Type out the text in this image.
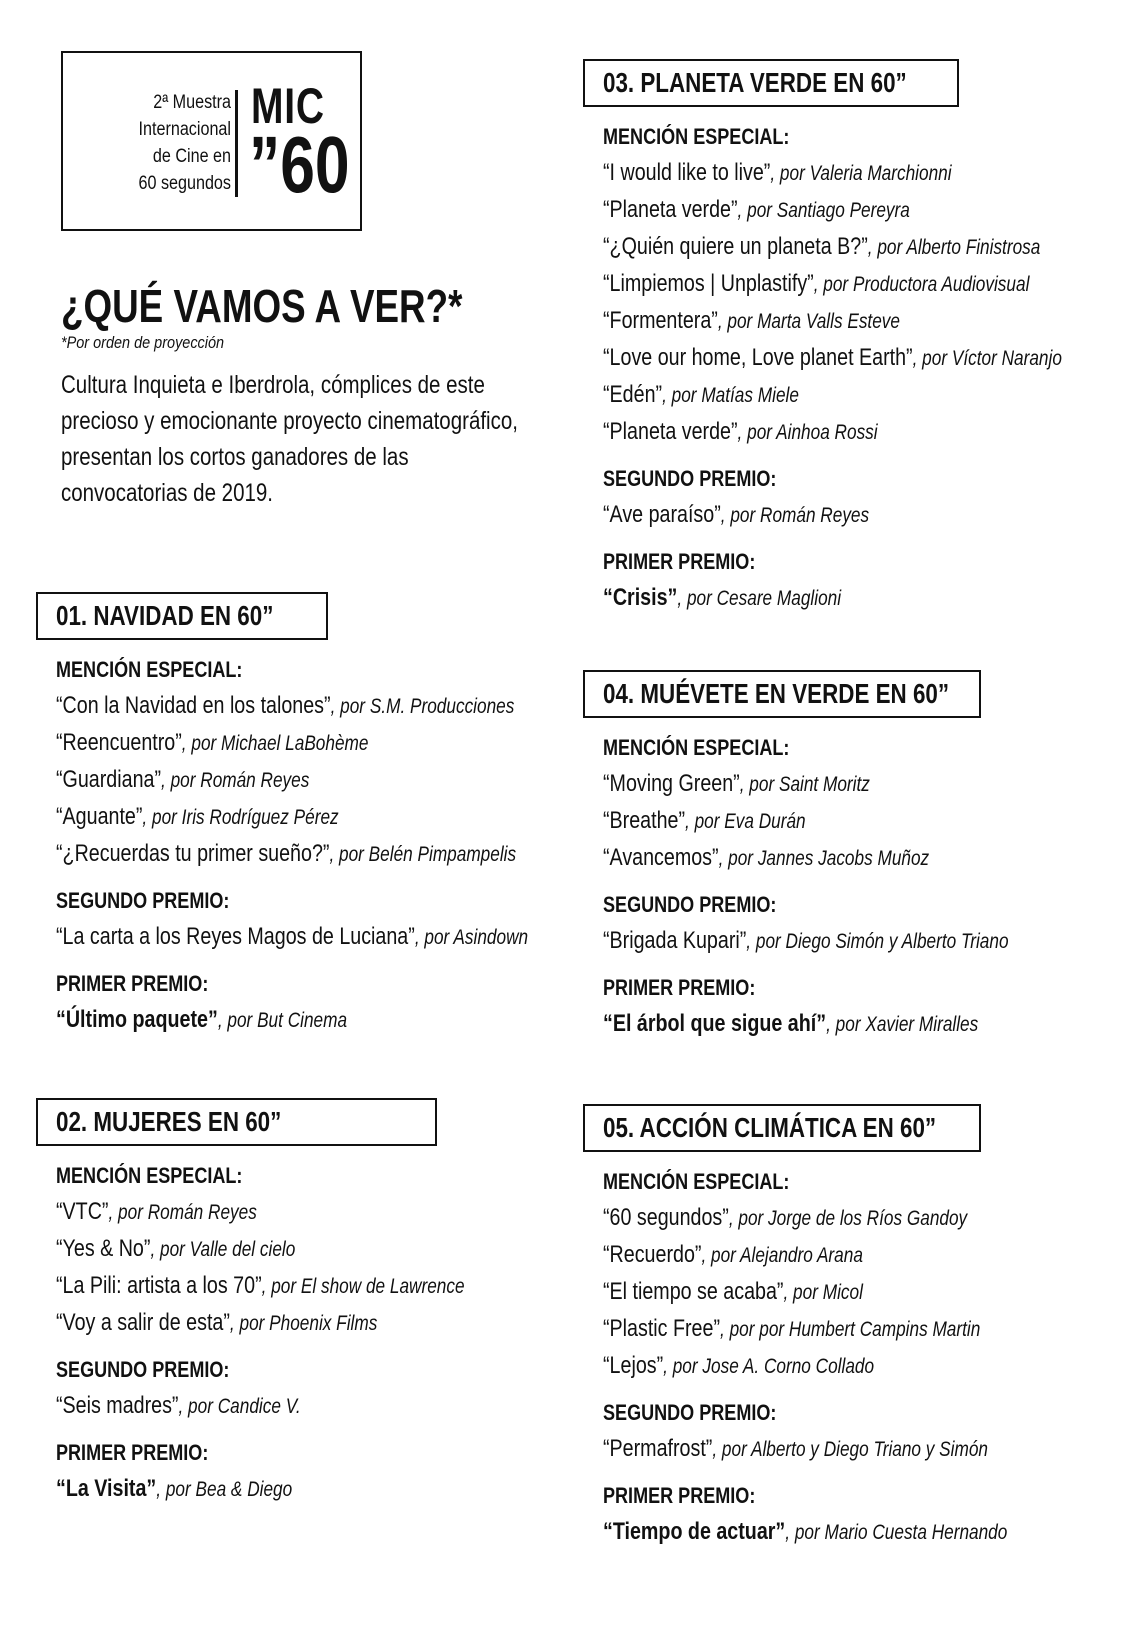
2ª Muestra
Internacional
de Cine en
60 segundos
MIC
”60
¿QUÉ VAMOS A VER?*
*Por orden de proyección
Cultura Inquieta e Iberdrola, cómplices de este
precioso y emocionante proyecto cinematográfico,
presentan los cortos ganadores de las
convocatorias de 2019.
01. NAVIDAD EN 60”
MENCIÓN ESPECIAL:
“Con la Navidad en los talones”, por S.M. Producciones
“Reencuentro”, por Michael LaBohème
“Guardiana”, por Román Reyes
“Aguante”, por Iris Rodríguez Pérez
“¿Recuerdas tu primer sueño?”, por Belén Pimpampelis
SEGUNDO PREMIO:
“La carta a los Reyes Magos de Luciana”, por Asindown
PRIMER PREMIO:
“Último paquete”, por But Cinema
02. MUJERES EN 60”
MENCIÓN ESPECIAL:
“VTC”, por Román Reyes
“Yes & No”, por Valle del cielo
“La Pili: artista a los 70”, por El show de Lawrence
“Voy a salir de esta”, por Phoenix Films
SEGUNDO PREMIO:
“Seis madres”, por Candice V.
PRIMER PREMIO:
“La Visita”, por Bea & Diego
03. PLANETA VERDE EN 60”
MENCIÓN ESPECIAL:
“I would like to live”, por Valeria Marchionni
“Planeta verde”, por Santiago Pereyra
“¿Quién quiere un planeta B?”, por Alberto Finistrosa
“Limpiemos | Unplastify”, por Productora Audiovisual
“Formentera”, por Marta Valls Esteve
“Love our home, Love planet Earth”, por Víctor Naranjo
“Edén”, por Matías Miele
“Planeta verde”, por Ainhoa Rossi
SEGUNDO PREMIO:
“Ave paraíso”, por Román Reyes
PRIMER PREMIO:
“Crisis”, por Cesare Maglioni
04. MUÉVETE EN VERDE EN 60”
MENCIÓN ESPECIAL:
“Moving Green”, por Saint Moritz
“Breathe”, por Eva Durán
“Avancemos”, por Jannes Jacobs Muñoz
SEGUNDO PREMIO:
“Brigada Kupari”, por Diego Simón y Alberto Triano
PRIMER PREMIO:
“El árbol que sigue ahí”, por Xavier Miralles
05. ACCIÓN CLIMÁTICA EN 60”
MENCIÓN ESPECIAL:
“60 segundos”, por Jorge de los Ríos Gandoy
“Recuerdo”, por Alejandro Arana
“El tiempo se acaba”, por Micol
“Plastic Free”, por por Humbert Campins Martin
“Lejos”, por Jose A. Corno Collado
SEGUNDO PREMIO:
“Permafrost”, por Alberto y Diego Triano y Simón
PRIMER PREMIO:
“Tiempo de actuar”, por Mario Cuesta Hernando
